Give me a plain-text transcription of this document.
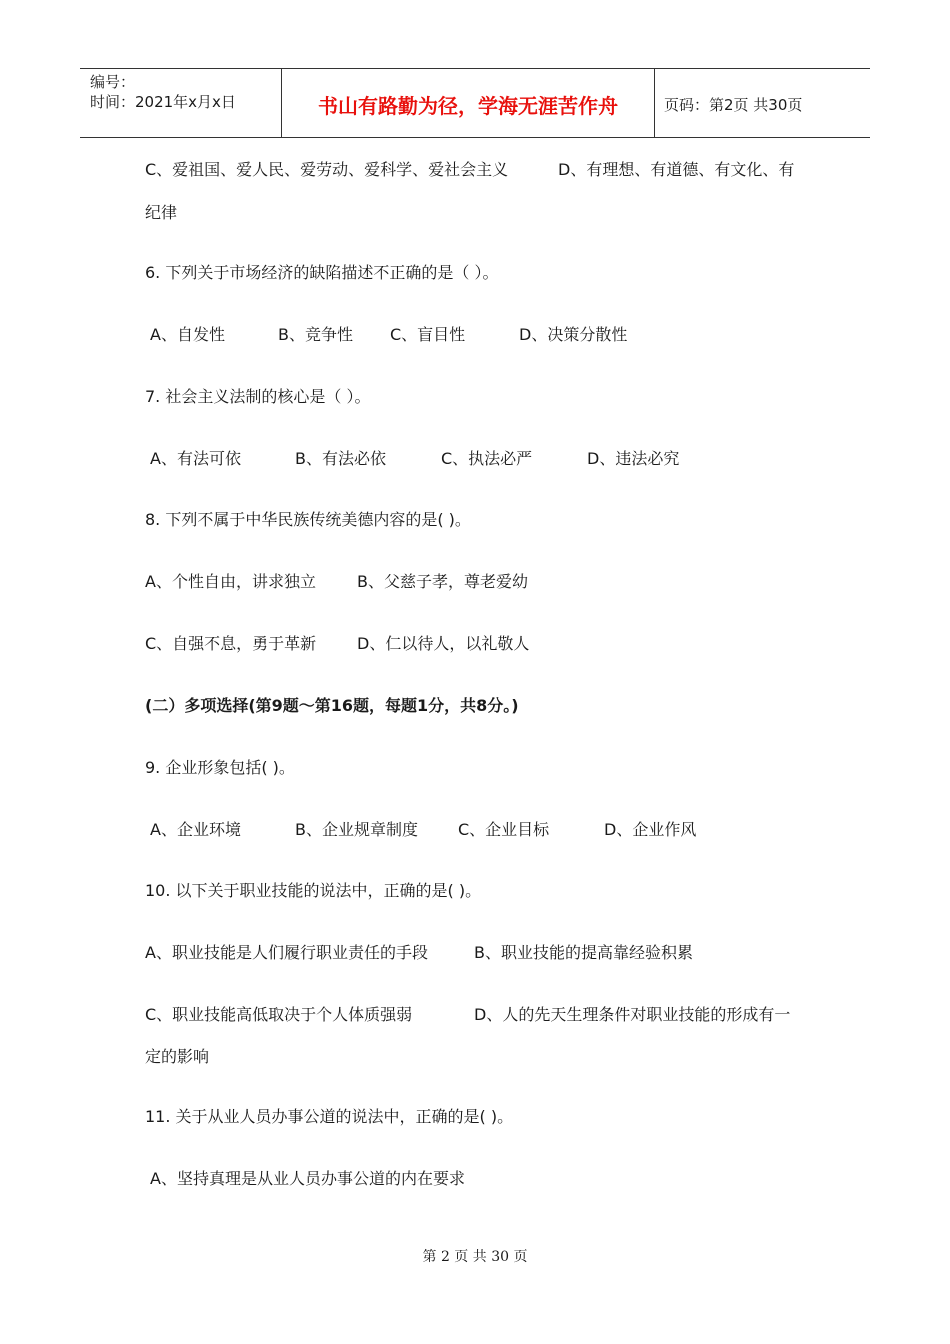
编号：
时间：2021年x月x日	书山有路勤为径，学海无涯苦作舟	页码：第2页 共30页
C、爱祖国、爱人民、爱劳动、爱科学、爱社会主义	D、有理想、有道德、有文化、有
纪律
6. 下列关于市场经济的缺陷描述不正确的是（ ）。
A、自发性	B、竞争性 C、盲目性	D、决策分散性
7. 社会主义法制的核心是（ ）。
A、有法可依	B、有法必依	C、执法必严	D、违法必究
8. 下列不属于中华民族传统美德内容的是( )。
A、个性自由，讲求独立	B、父慈子孝，尊老爱幼
C、自强不息，勇于革新	D、仁以待人，以礼敬人
(二）多项选择(第9题～第16题，每题1分，共8分。)
9. 企业形象包括( )。
A、企业环境	B、企业规章制度	C、企业目标	D、企业作风
10. 以下关于职业技能的说法中，正确的是( )。
A、职业技能是人们履行职业责任的手段	B、职业技能的提高靠经验积累
C、职业技能高低取决于个人体质强弱	D、人的先天生理条件对职业技能的形成有一
定的影响
11. 关于从业人员办事公道的说法中，正确的是( )。
A、坚持真理是从业人员办事公道的内在要求
第 2 页 共 30 页
